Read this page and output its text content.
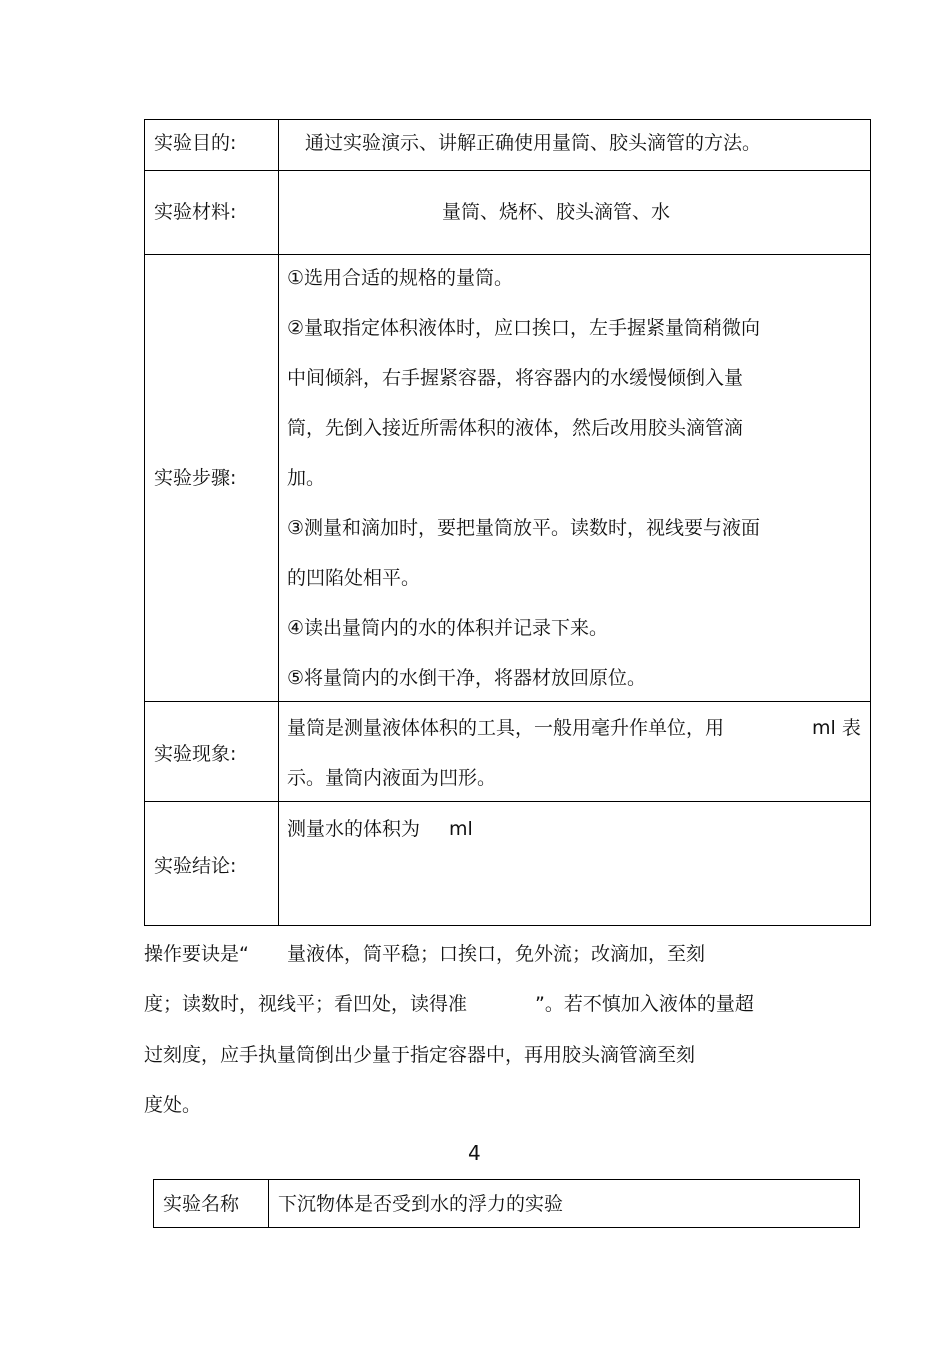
实验目的:	通过实验演示、讲解正确使用量筒、胶头滴管的方法。
实验材料:	量筒、烧杯、胶头滴管、水
实验步骤:
①选用合适的规格的量筒。
②量取指定体积液体时，应口挨口，左手握紧量筒稍微向
中间倾斜，右手握紧容器，将容器内的水缓慢倾倒入量
筒，先倒入接近所需体积的液体，然后改用胶头滴管滴
加。
③测量和滴加时，要把量筒放平。读数时，视线要与液面
的凹陷处相平。
④读出量筒内的水的体积并记录下来。
⑤将量筒内的水倒干净，将器材放回原位。
实验现象:
量筒是测量液体体积的工具，一般用毫升作单位，用	ml 表
示。量筒内液面为凹形。
实验结论:
测量水的体积为 ml
操作要诀是“ 量液体，筒平稳；口挨口，免外流；改滴加，至刻
度；读数时，视线平；看凹处，读得准	”。若不慎加入液体的量超
过刻度，应手执量筒倒出少量于指定容器中，再用胶头滴管滴至刻
度处。
4
实验名称 下沉物体是否受到水的浮力的实验
